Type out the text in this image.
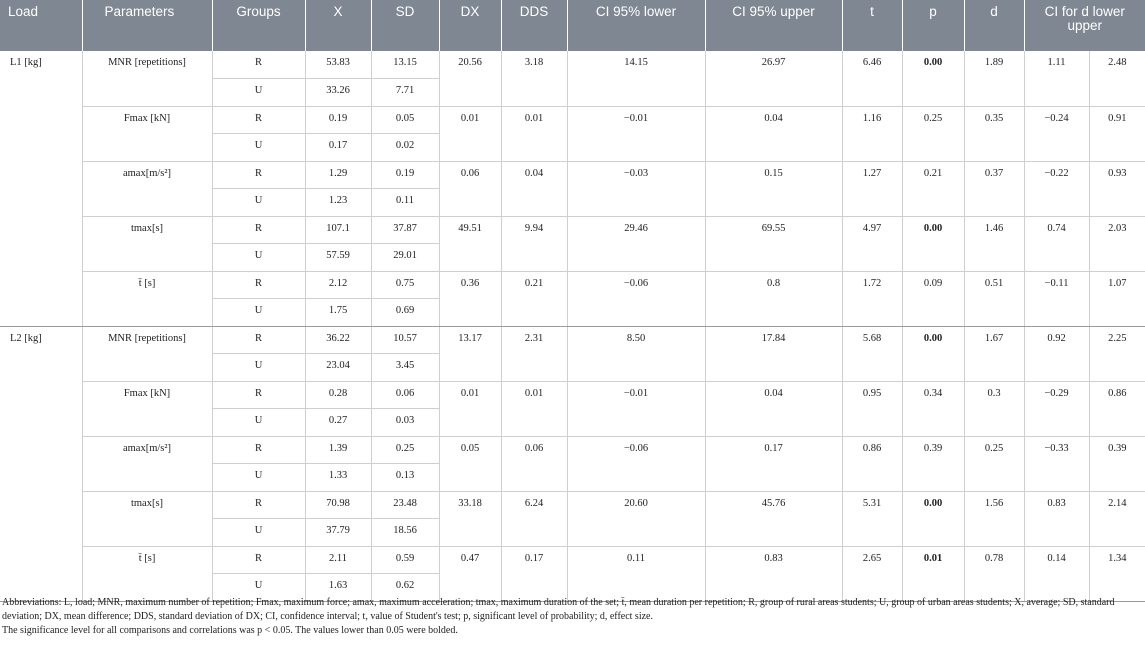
Load	Parameters	Groups	X	SD	DX	DDS	CI 95% lower	CI 95% upper	t	p	d	CI for d lower upper	
L1 [kg]	MNR [repetitions]	R	53.83	13.15	20.56	3.18	14.15	26.97	6.46	0.00	1.89	1.11	2.48
		U	33.26	7.71									
	Fmax [kN]	R	0.19	0.05	0.01	0.01	−0.01	0.04	1.16	0.25	0.35	−0.24	0.91
		U	0.17	0.02									
	amax[m/s²]	R	1.29	0.19	0.06	0.04	−0.03	0.15	1.27	0.21	0.37	−0.22	0.93
		U	1.23	0.11									
	tmax[s]	R	107.1	37.87	49.51	9.94	29.46	69.55	4.97	0.00	1.46	0.74	2.03
		U	57.59	29.01									
	t̄ [s]	R	2.12	0.75	0.36	0.21	−0.06	0.8	1.72	0.09	0.51	−0.11	1.07
		U	1.75	0.69									
L2 [kg]	MNR [repetitions]	R	36.22	10.57	13.17	2.31	8.50	17.84	5.68	0.00	1.67	0.92	2.25
		U	23.04	3.45									
	Fmax [kN]	R	0.28	0.06	0.01	0.01	−0.01	0.04	0.95	0.34	0.3	−0.29	0.86
		U	0.27	0.03									
	amax[m/s²]	R	1.39	0.25	0.05	0.06	−0.06	0.17	0.86	0.39	0.25	−0.33	0.39
		U	1.33	0.13									
	tmax[s]	R	70.98	23.48	33.18	6.24	20.60	45.76	5.31	0.00	1.56	0.83	2.14
		U	37.79	18.56									
	t̄ [s]	R	2.11	0.59	0.47	0.17	0.11	0.83	2.65	0.01	0.78	0.14	1.34
		U	1.63	0.62									

Abbreviations: L, load; MNR, maximum number of repetition; Fmax, maximum force; amax, maximum acceleration; tmax, maximum duration of the set; t̄, mean duration per repetition; R, group of rural areas students; U, group of urban areas students; X, average; SD, standard deviation; DX, mean difference; DDS, standard deviation of DX; CI, confidence interval; t, value of Student's test; p, significant level of probability; d, effect size.

The significance level for all comparisons and correlations was p < 0.05. The values lower than 0.05 were bolded.
